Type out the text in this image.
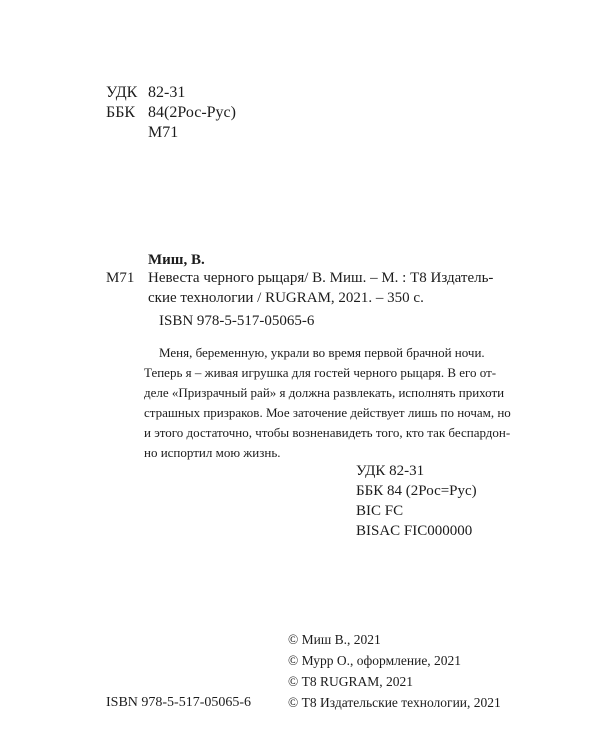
УДК 82-31
ББК 84(2Рос-Рус)
М71
Миш, В.
М71 Невеста черного рыцаря/ В. Миш. – М. : Т8 Издатель-
ские технологии / RUGRAM, 2021. – 350 с.
ISBN 978-5-517-05065-6
Меня, беременную, украли во время первой брачной ночи.
Теперь я – живая игрушка для гостей черного рыцаря. В его от-
деле «Призрачный рай» я должна развлекать, исполнять прихоти
страшных призраков. Мое заточение действует лишь по ночам, но
и этого достаточно, чтобы возненавидеть того, кто так беспардон-
но испортил мою жизнь.
УДК 82-31
ББК 84 (2Рос=Рус)
BIC FC
BISAC FIC000000
© Миш В., 2021
© Мурр О., оформление, 2021
© Т8 RUGRAM, 2021
© Т8 Издательские технологии, 2021
ISBN 978-5-517-05065-6
